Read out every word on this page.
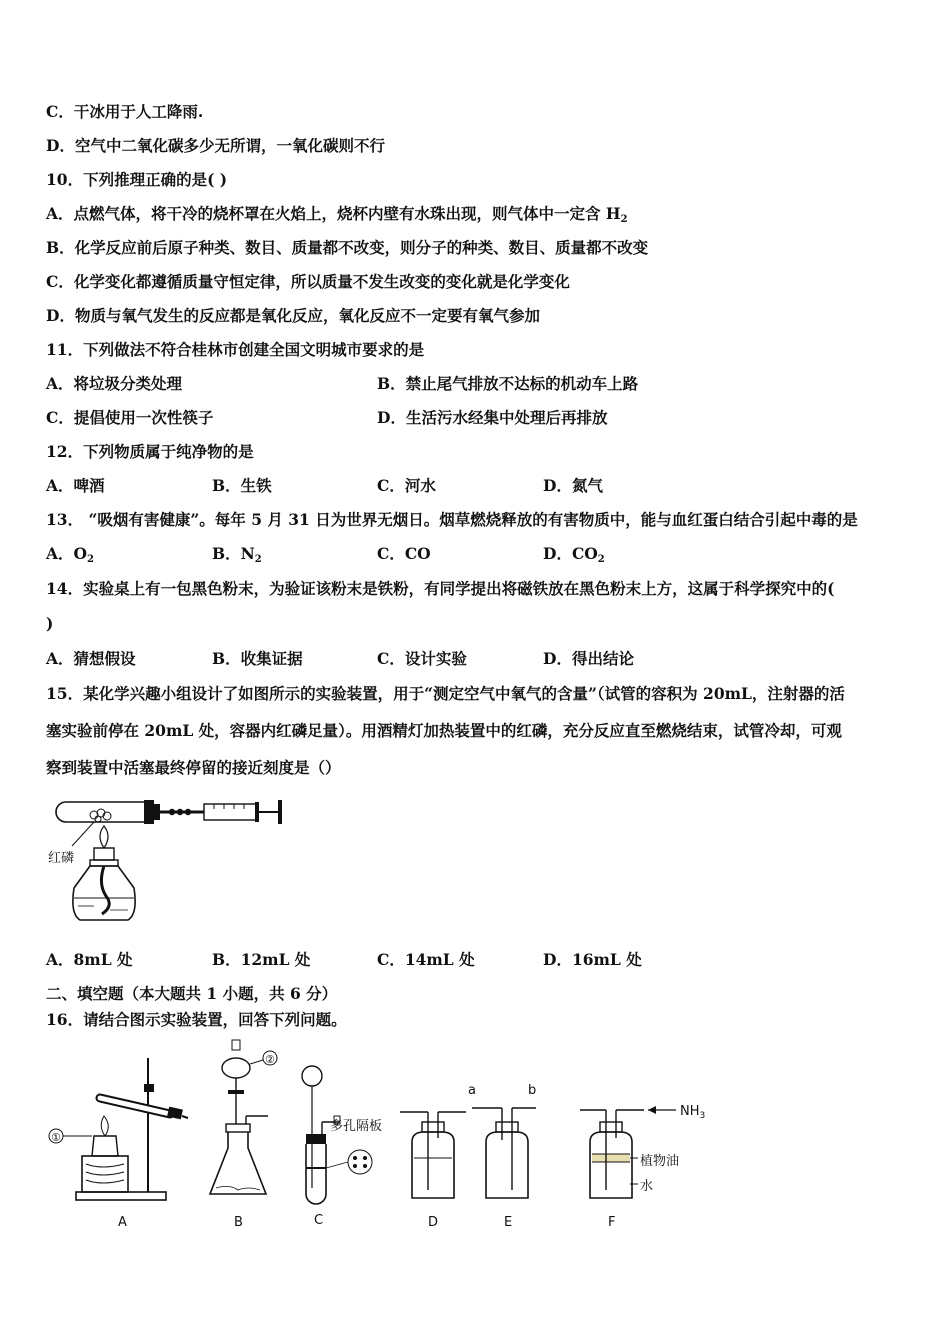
C．干冰用于人工降雨.
D．空气中二氧化碳多少无所谓，一氧化碳则不行
10．下列推理正确的是( )
A．点燃气体，将干冷的烧杯罩在火焰上，烧杯内壁有水珠出现，则气体中一定含 $H_2$
B．化学反应前后原子种类、数目、质量都不改变，则分子的种类、数目、质量都不改变
C．化学变化都遵循质量守恒定律，所以质量不发生改变的变化就是化学变化
D．物质与氧气发生的反应都是氧化反应，氧化反应不一定要有氧气参加
11．下列做法不符合桂林市创建全国文明城市要求的是
A．将垃圾分类处理	B．禁止尾气排放不达标的机动车上路
C．提倡使用一次性筷子	D．生活污水经集中处理后再排放
12．下列物质属于纯净物的是
A．啤酒	B．生铁	C．河水	D．氮气
13． “吸烟有害健康”。每年 5 月 31 日为世界无烟日。烟草燃烧释放的有害物质中，能与血红蛋白结合引起中毒的是
A．$O_2$	B．$N_2$	C．CO	D．$CO_2$
14．实验桌上有一包黑色粉末，为验证该粉末是铁粉，有同学提出将磁铁放在黑色粉末上方，这属于科学探究中的(
)
A．猜想假设	B．收集证据	C．设计实验	D．得出结论
15．某化学兴趣小组设计了如图所示的实验装置，用于“测定空气中氧气的含量”（试管的容积为 20mL，注射器的活
塞实验前停在 20mL 处，容器内红磷足量）。用酒精灯加热装置中的红磷，充分反应直至燃烧结束，试管冷却，可观
察到装置中活塞最终停留的接近刻度是（）
红磷
A．8mL 处	B．12mL 处	C．14mL 处	D．16mL 处
二、填空题（本大题共 1 小题，共 6 分）
16．请结合图示实验装置，回答下列问题。
①
A
②
B
多孔隔板
C	D
a	b
E
$NH_3$
植物油
水
F
